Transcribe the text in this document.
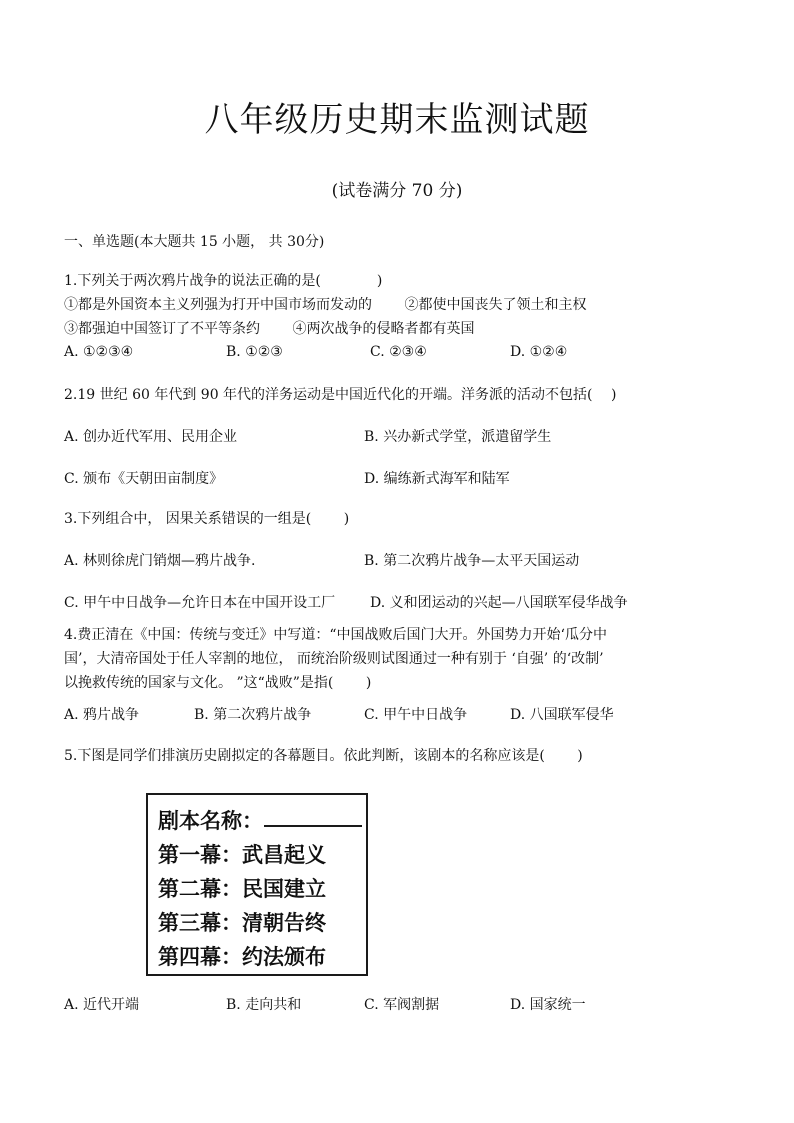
八年级历史期末监测试题
(试卷满分 70 分)
一、单选题(本大题共 15 小题， 共 30分)
1.下列关于两次鸦片战争的说法正确的是(　　　　)
①都是外国资本主义列强为打开中国市场而发动的 　　②都使中国丧失了领土和主权
③都强迫中国签订了不平等条约 　　④两次战争的侵略者都有英国
A. ①②③④	B. ①②③	C. ②③④	D. ①②④
2.19 世纪 60 年代到 90 年代的洋务运动是中国近代化的开端。洋务派的活动不包括(　 )
A. 创办近代军用、民用企业	B. 兴办新式学堂，派遣留学生
C. 颁布《天朝田亩制度》	D. 编练新式海军和陆军
3.下列组合中， 因果关系错误的一组是(　　 )
A. 林则徐虎门销烟—鸦片战争.	B. 第二次鸦片战争—太平天国运动
C. 甲午中日战争—允许日本在中国开设工厂 D. 义和团运动的兴起—八国联军侵华战争
4.费正清在《中国：传统与变迁》中写道：“中国战败后国门大开。外国势力开始‘瓜分中
国’，大清帝国处于任人宰割的地位， 而统治阶级则试图通过一种有别于 ‘自强’ 的‘改制’
以挽救传统的国家与文化。 ”这“战败”是指(　　 )
A. 鸦片战争	B. 第二次鸦片战争	C. 甲午中日战争	D. 八国联军侵华
5.下图是同学们排演历史剧拟定的各幕题目。依此判断，该剧本的名称应该是(　　 )
剧本名称：
第一幕：武昌起义
第二幕：民国建立
第三幕：清朝告终
第四幕：约法颁布
A. 近代开端	B. 走向共和	C. 军阀割据	D. 国家统一
